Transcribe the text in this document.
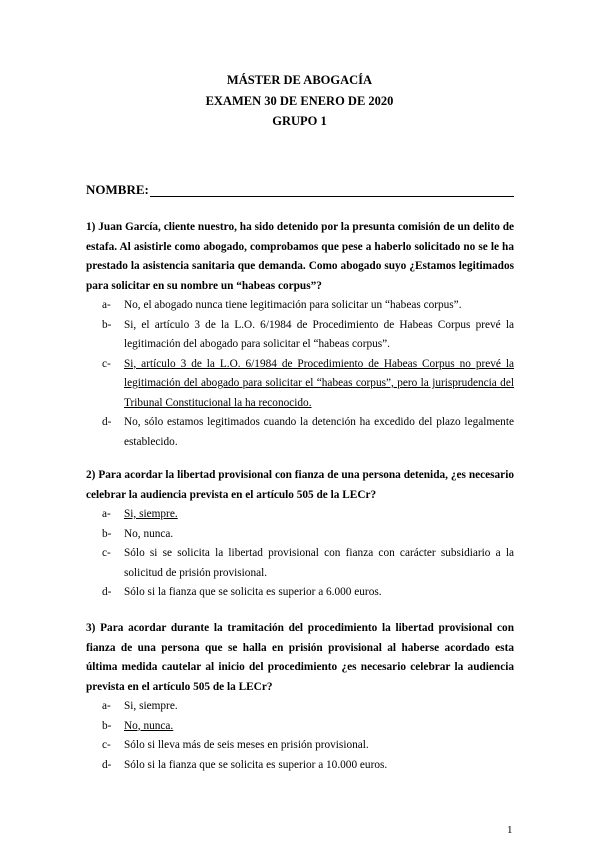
MÁSTER DE ABOGACÍA
EXAMEN 30 DE ENERO DE 2020
GRUPO 1
NOMBRE:
1) Juan García, cliente nuestro, ha sido detenido por la presunta comisión de un delito de estafa. Al asistirle como abogado, comprobamos que pese a haberlo solicitado no se le ha prestado la asistencia sanitaria que demanda. Como abogado suyo ¿Estamos legitimados para solicitar en su nombre un “habeas corpus”?
a-	No, el abogado nunca tiene legitimación para solicitar un “habeas corpus”.
b-	Si, el artículo 3 de la L.O. 6/1984 de Procedimiento de Habeas Corpus prevé la legitimación del abogado para solicitar el “habeas corpus”.
c-	Si, artículo 3 de la L.O. 6/1984 de Procedimiento de Habeas Corpus no prevé la legitimación del abogado para solicitar el “habeas corpus”, pero la jurisprudencia del Tribunal Constitucional la ha reconocido.
d-	No, sólo estamos legitimados cuando la detención ha excedido del plazo legalmente establecido.
2) Para acordar la libertad provisional con fianza de una persona detenida, ¿es necesario celebrar la audiencia prevista en el artículo 505 de la LECr?
a-	Si, siempre.
b-	No, nunca.
c-	Sólo si se solicita la libertad provisional con fianza con carácter subsidiario a la solicitud de prisión provisional.
d-	Sólo si la fianza que se solicita es superior a 6.000 euros.
3) Para acordar durante la tramitación del procedimiento la libertad provisional con fianza de una persona que se halla en prisión provisional al haberse acordado esta última medida cautelar al inicio del procedimiento ¿es necesario celebrar la audiencia prevista en el artículo 505 de la LECr?
a-	Si, siempre.
b-	No, nunca.
c-	Sólo si lleva más de seis meses en prisión provisional.
d-	Sólo si la fianza que se solicita es superior a 10.000 euros.
1
